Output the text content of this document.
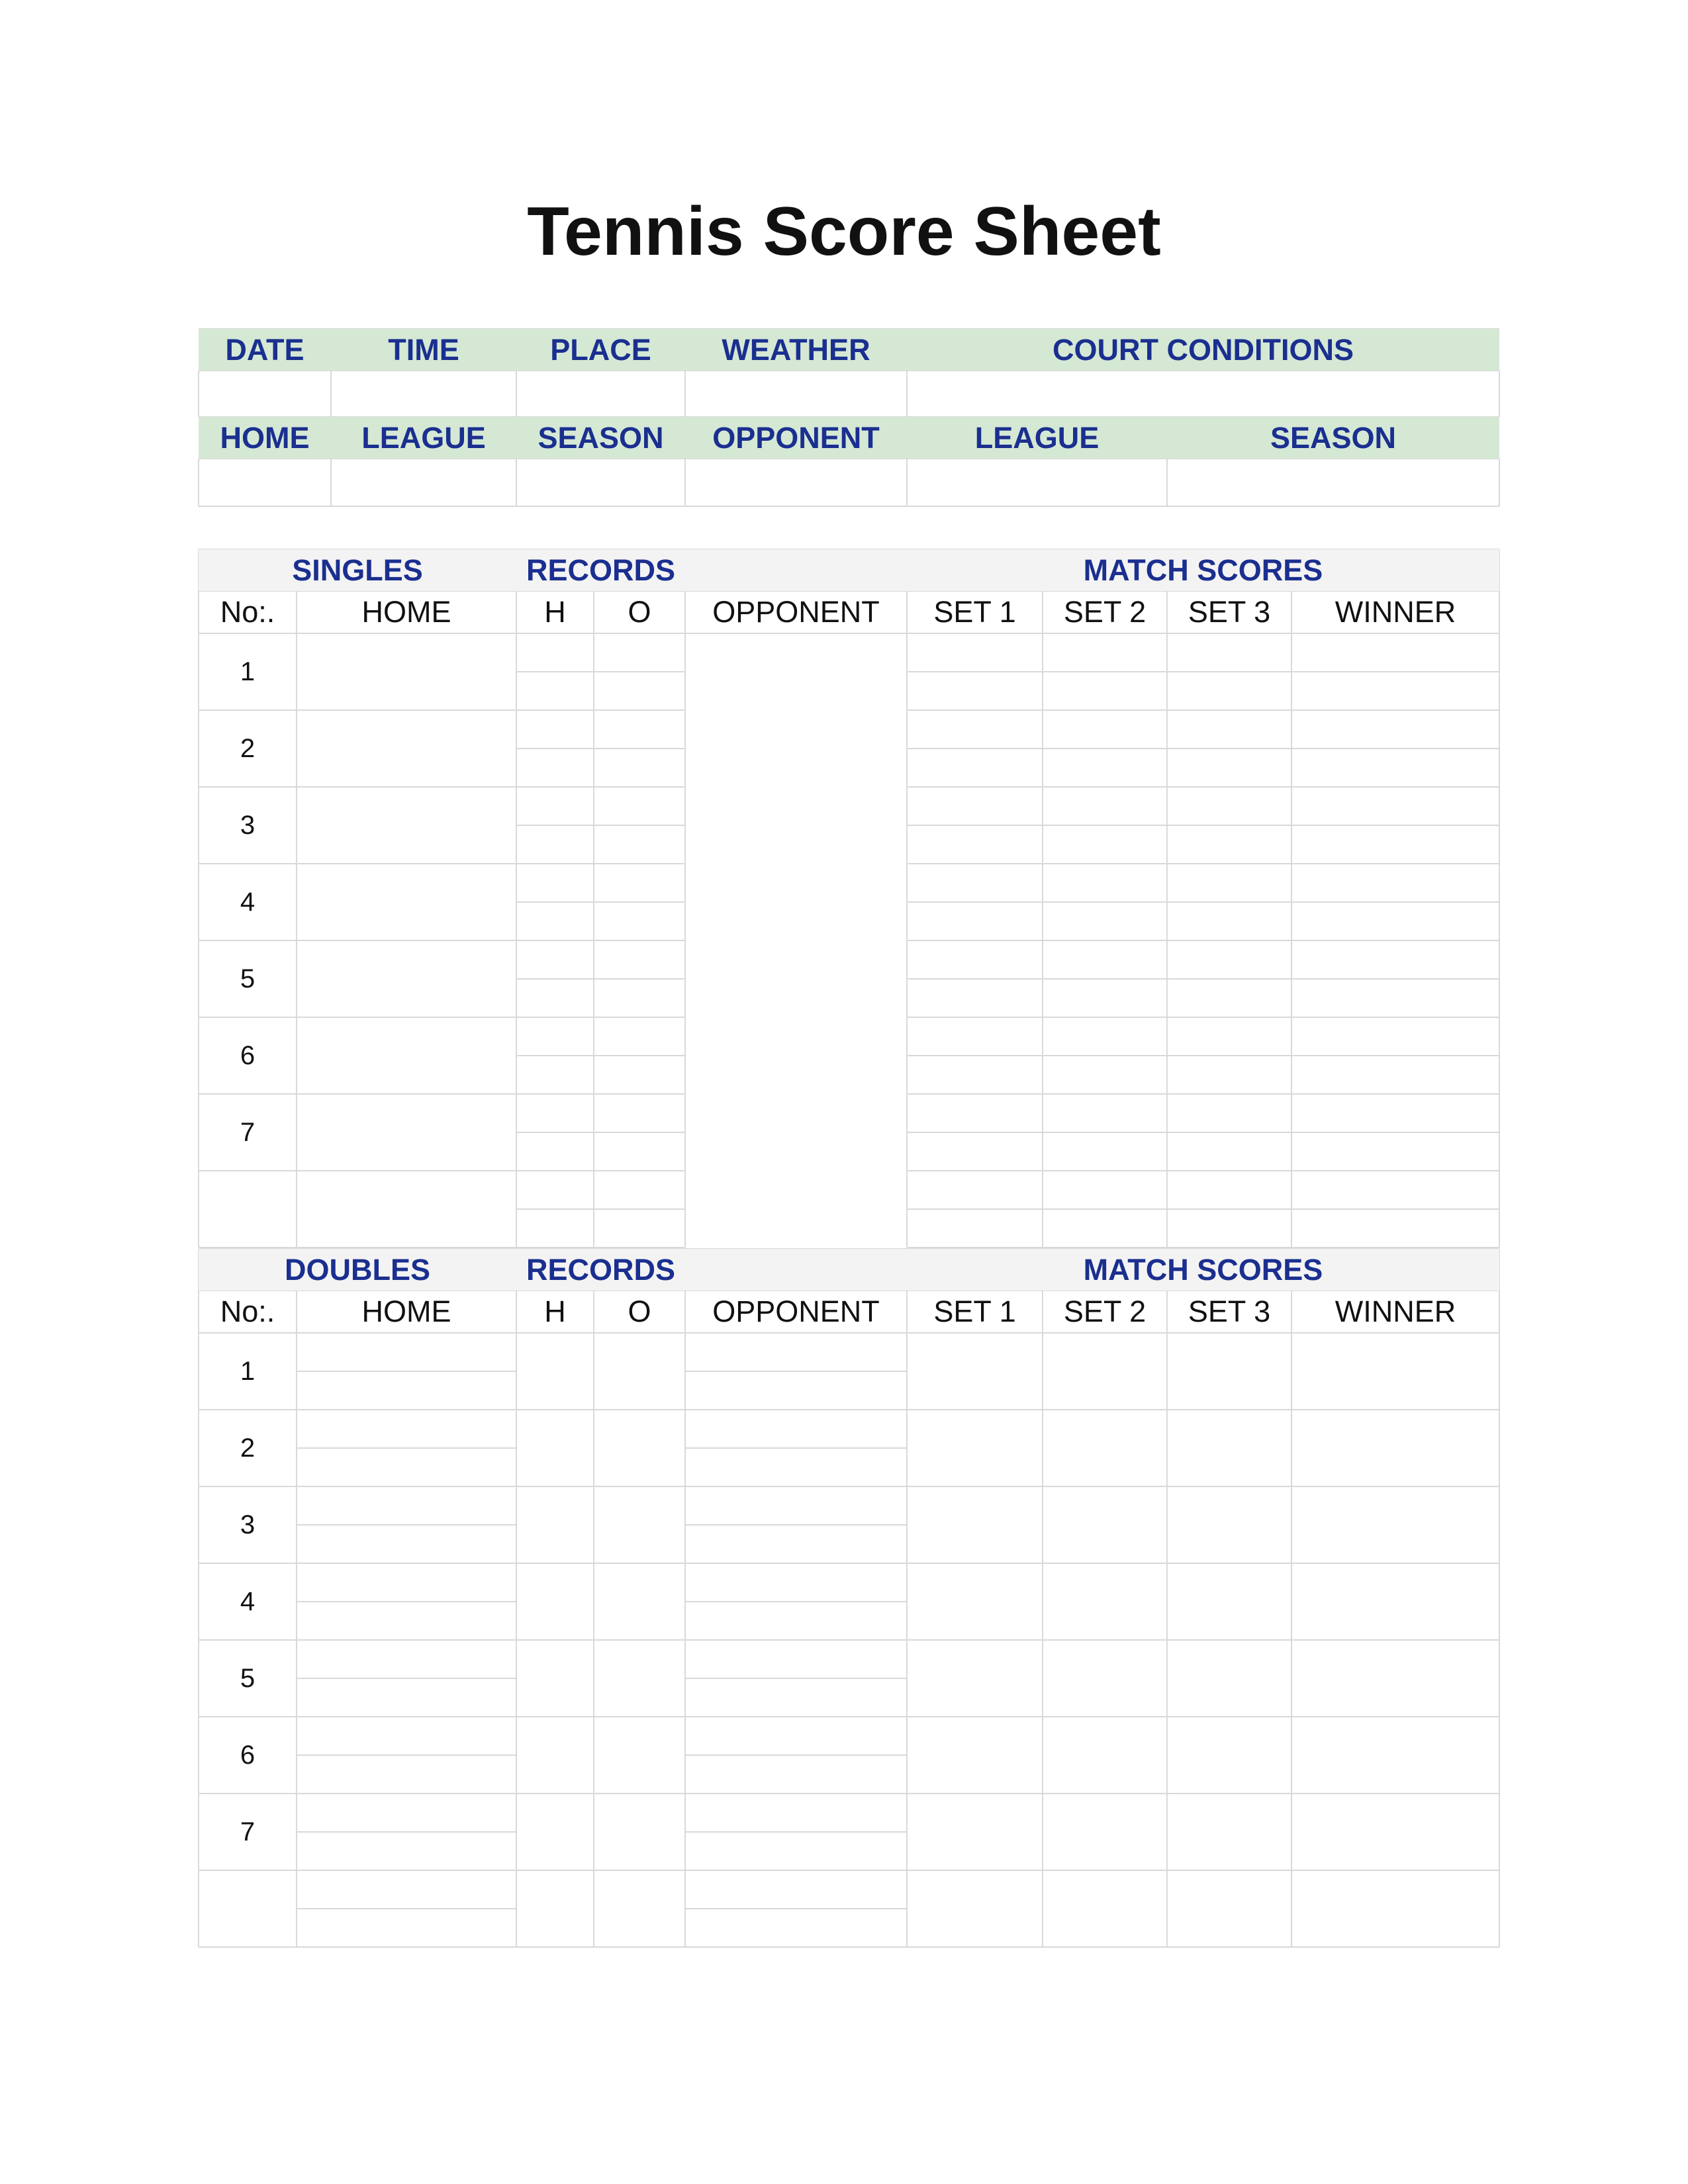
Tennis Score Sheet
DATE	TIME	PLACE	WEATHER	COURT CONDITIONS
HOME	LEAGUE	SEASON	OPPONENT	LEAGUE	SEASON
SINGLES	RECORDS	MATCH SCORES
No:.	HOME	H	O	OPPONENT	SET 1	SET 2	SET 3	WINNER
1
2
3
4
5
6
7
DOUBLES	RECORDS	MATCH SCORES
No:.	HOME	H	O	OPPONENT	SET 1	SET 2	SET 3	WINNER
1
2
3
4
5
6
7
